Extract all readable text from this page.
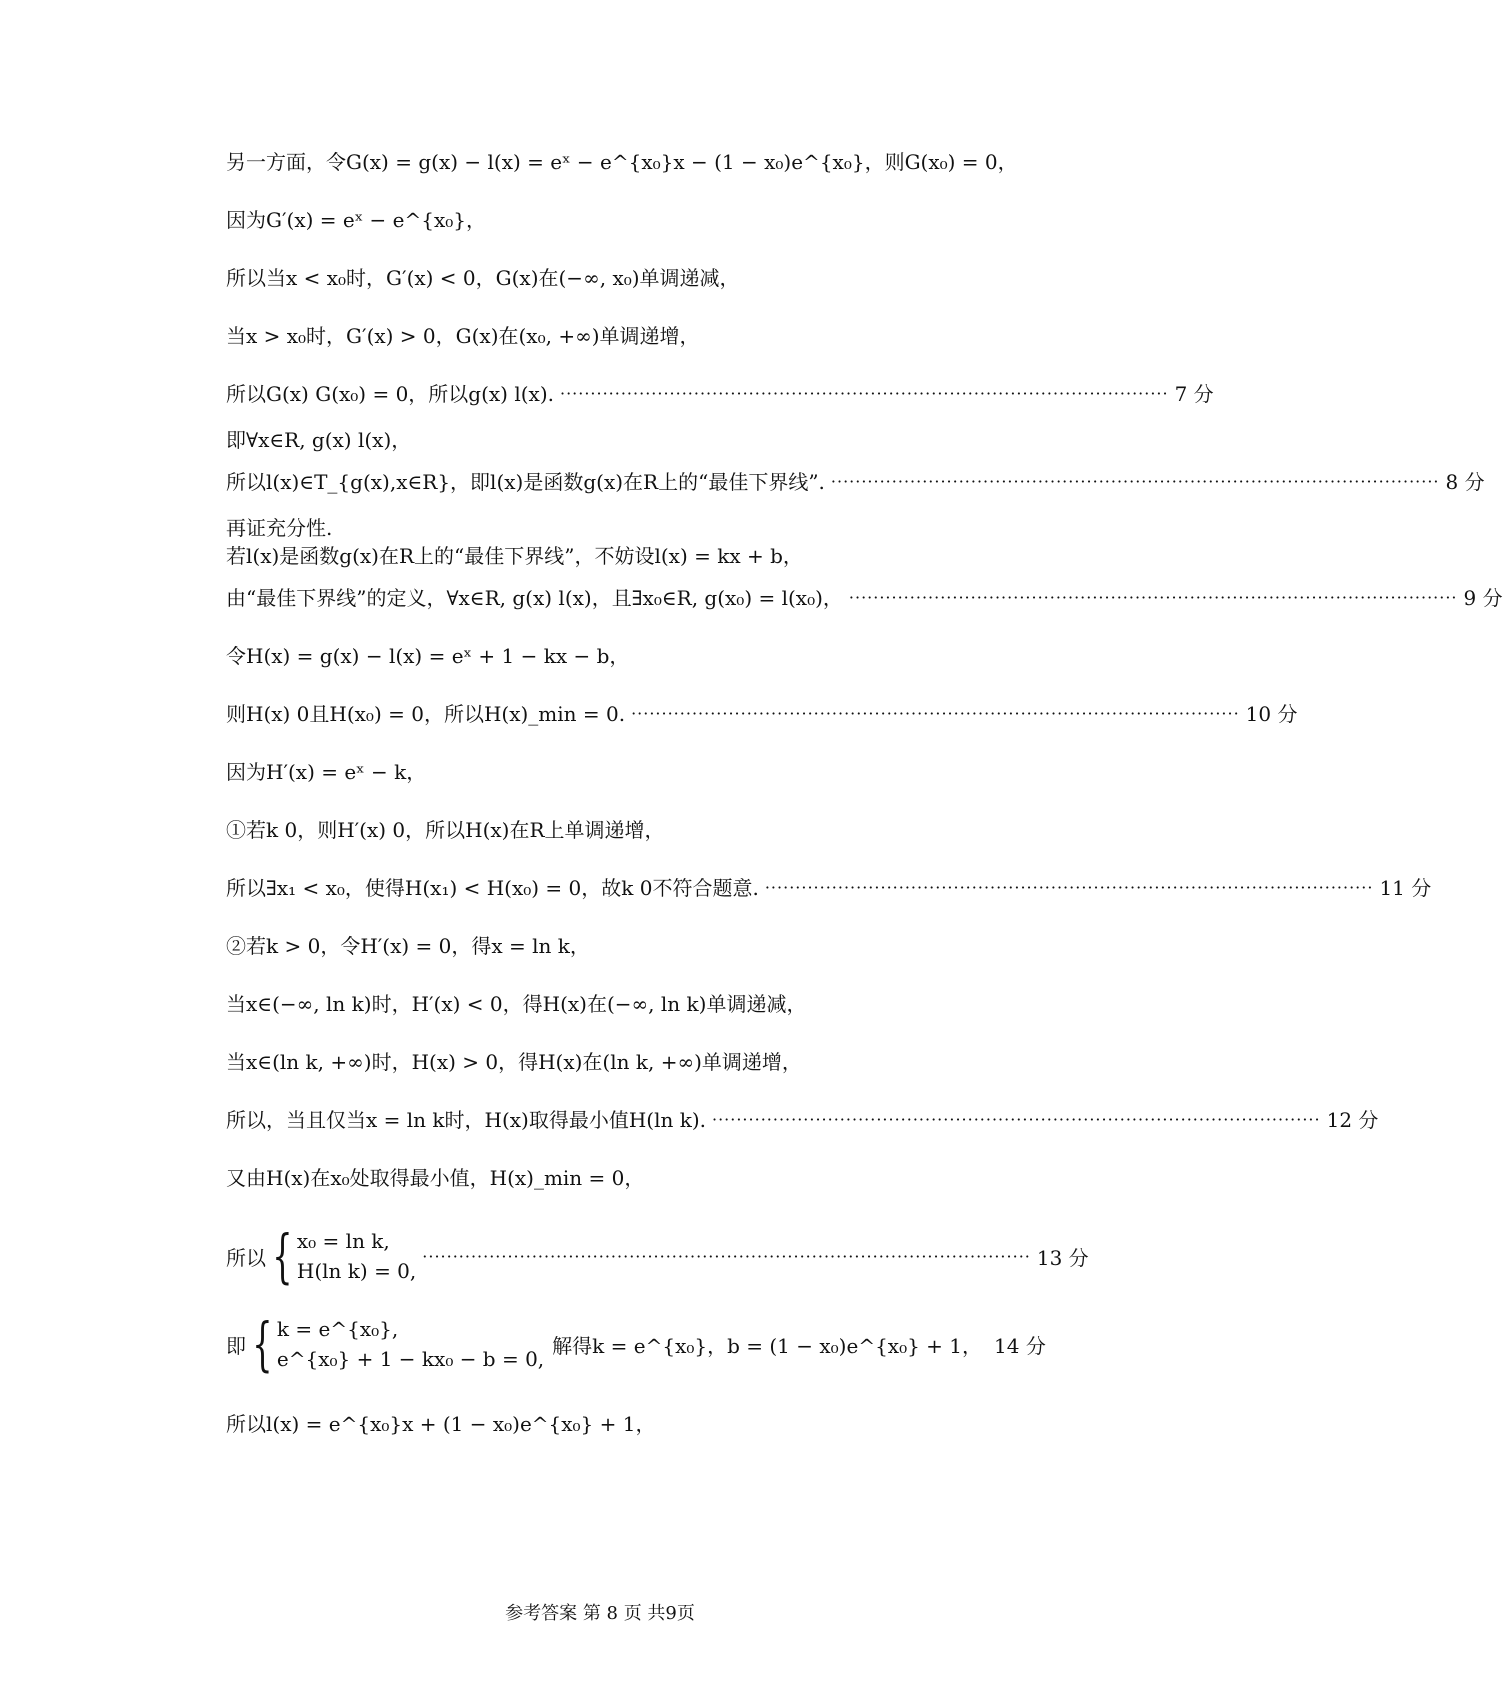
另一方面，令G(x) = g(x) − l(x) = eˣ − e^{x₀}x − (1 − x₀)e^{x₀}，则G(x₀) = 0，
因为G′(x) = eˣ − e^{x₀}，
所以当x < x₀时，G′(x) < 0，G(x)在(−∞, x₀)单调递减，
当x > x₀时，G′(x) > 0，G(x)在(x₀, +∞)单调递增，
所以G(x) G(x₀) = 0，所以g(x) l(x). ···································································································· 7 分
即∀x∈R, g(x) l(x)，
所以l(x)∈T_{g(x),x∈R}，即l(x)是函数g(x)在R上的“最佳下界线”. ···································································································· 8 分
再证充分性.
若l(x)是函数g(x)在R上的“最佳下界线”，不妨设l(x) = kx + b，
由“最佳下界线”的定义，∀x∈R, g(x) l(x)，且∃x₀∈R, g(x₀) = l(x₀)， ···································································································· 9 分
令H(x) = g(x) − l(x) = eˣ + 1 − kx − b，
则H(x) 0且H(x₀) = 0，所以H(x)_min = 0. ···································································································· 10 分
因为H′(x) = eˣ − k，
①若k 0，则H′(x) 0，所以H(x)在R上单调递增，
所以∃x₁ < x₀，使得H(x₁) < H(x₀) = 0，故k 0不符合题意. ···································································································· 11 分
②若k > 0，令H′(x) = 0，得x = ln k，
当x∈(−∞, ln k)时，H′(x) < 0，得H(x)在(−∞, ln k)单调递减，
当x∈(ln k, +∞)时，H(x) > 0，得H(x)在(ln k, +∞)单调递增，
所以，当且仅当x = ln k时，H(x)取得最小值H(ln k). ···································································································· 12 分
又由H(x)在x₀处取得最小值，H(x)_min = 0，
所以 { x₀ = ln k,
H(ln k) = 0,
···································································································· 13 分
即 { k = e^{x₀},
e^{x₀} + 1 − kx₀ − b = 0,
解得k = e^{x₀}，b = (1 − x₀)e^{x₀} + 1， 14 分
所以l(x) = e^{x₀}x + (1 − x₀)e^{x₀} + 1，
参考答案 第 8 页 共9页
